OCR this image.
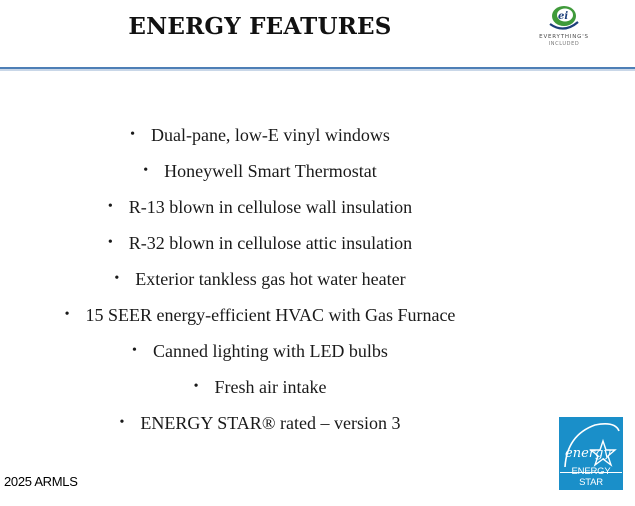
ENERGY FEATURES	ei
EVERYTHING'S
INCLUDED
• Dual-pane, low-E vinyl windows
• Honeywell Smart Thermostat
• R-13 blown in cellulose wall insulation
• R-32 blown in cellulose attic insulation
• Exterior tankless gas hot water heater
• 15 SEER energy-efficient HVAC with Gas Furnace
• Canned lighting with LED bulbs
• Fresh air intake
• ENERGY STAR® rated – version 3
2025 ARMLS
energy
ENERGY STAR
